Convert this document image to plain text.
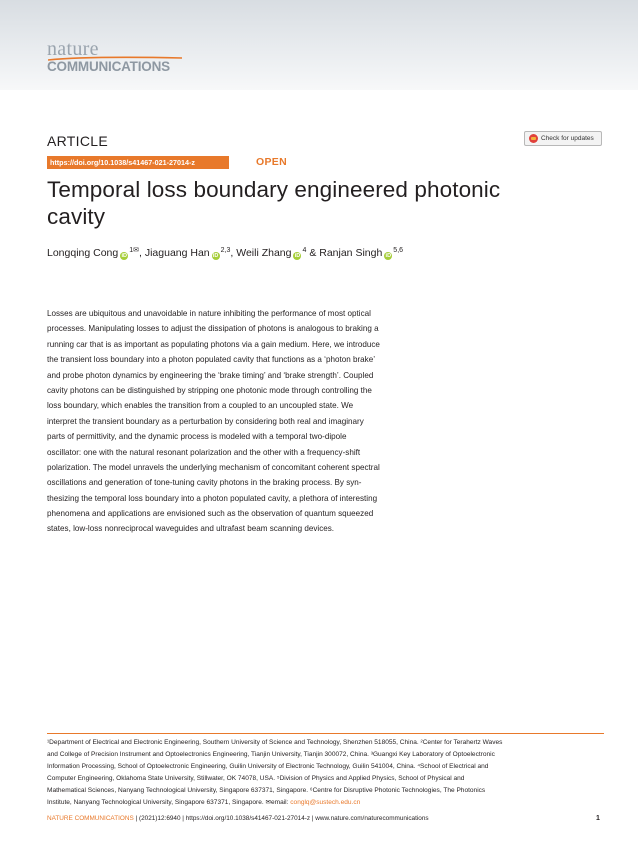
nature
COMMUNICATIONS
ARTICLE	Check for updates
https://doi.org/10.1038/s41467-021-27014-z	OPEN
Temporal loss boundary engineered photonic
cavity
Longqing Cong $iD^{1✉}$, Jiaguang Han iD$^{2,3}$, Weili Zhang $iD^4$ & Ranjan Singh iD$^{5,6}$
Losses are ubiquitous and unavoidable in nature inhibiting the performance of most optical
processes. Manipulating losses to adjust the dissipation of photons is analogous to braking a
running car that is as important as populating photons via a gain medium. Here, we introduce
the transient loss boundary into a photon populated cavity that functions as a ‘photon brake’
and probe photon dynamics by engineering the ‘brake timing’ and ‘brake strength’. Coupled
cavity photons can be distinguished by stripping one photonic mode through controlling the
loss boundary, which enables the transition from a coupled to an uncoupled state. We
interpret the transient boundary as a perturbation by considering both real and imaginary
parts of permittivity, and the dynamic process is modeled with a temporal two-dipole
oscillator: one with the natural resonant polarization and the other with a frequency-shift
polarization. The model unravels the underlying mechanism of concomitant coherent spectral
oscillations and generation of tone-tuning cavity photons in the braking process. By syn-
thesizing the temporal loss boundary into a photon populated cavity, a plethora of interesting
phenomena and applications are envisioned such as the observation of quantum squeezed
states, low-loss nonreciprocal waveguides and ultrafast beam scanning devices.
¹Department of Electrical and Electronic Engineering, Southern University of Science and Technology, Shenzhen 518055, China. ²Center for Terahertz Waves
and College of Precision Instrument and Optoelectronics Engineering, Tianjin University, Tianjin 300072, China. ³Guangxi Key Laboratory of Optoelectronic
Information Processing, School of Optoelectronic Engineering, Guilin University of Electronic Technology, Guilin 541004, China. ⁴School of Electrical and
Computer Engineering, Oklahoma State University, Stillwater, OK 74078, USA. ⁵Division of Physics and Applied Physics, School of Physical and
Mathematical Sciences, Nanyang Technological University, Singapore 637371, Singapore. ⁶Centre for Disruptive Photonic Technologies, The Photonics
Institute, Nanyang Technological University, Singapore 637371, Singapore. ✉email: conglq@sustech.edu.cn
NATURE COMMUNICATIONS | (2021)12:6940 | https://doi.org/10.1038/s41467-021-27014-z | www.nature.com/naturecommunications	1
